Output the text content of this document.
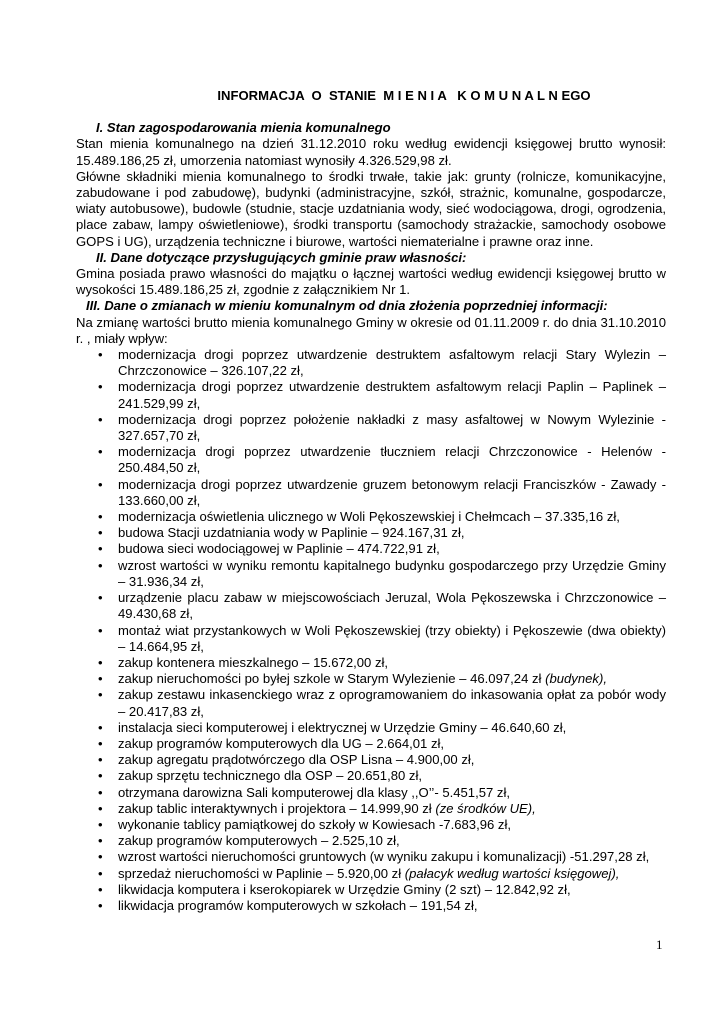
INFORMACJA  O  STANIE  M I E N I A   K O M U N A L N EGO

I. Stan zagospodarowania mienia komunalnego

Stan mienia komunalnego na dzień 31.12.2010 roku według ewidencji księgowej brutto wynosił: 15.489.186,25 zł, umorzenia natomiast wynosiły 4.326.529,98 zł.

Główne składniki mienia komunalnego to środki trwałe, takie jak: grunty (rolnicze, komunikacyjne, zabudowane i pod zabudowę), budynki (administracyjne, szkół, strażnic, komunalne, gospodarcze, wiaty autobusowe), budowle (studnie, stacje uzdatniania wody, sieć wodociągowa, drogi, ogrodzenia, place zabaw, lampy oświetleniowe), środki transportu (samochody strażackie, samochody osobowe GOPS i UG), urządzenia techniczne i biurowe, wartości niematerialne i prawne oraz inne.

II. Dane dotyczące przysługujących gminie praw własności:

Gmina posiada prawo własności do majątku o łącznej wartości według ewidencji księgowej brutto w wysokości 15.489.186,25 zł, zgodnie z załącznikiem Nr 1.

III. Dane o zmianach w mieniu komunalnym od dnia złożenia poprzedniej informacji:

Na zmianę wartości brutto mienia komunalnego Gminy w okresie od 01.11.2009 r. do dnia 31.10.2010 r. , miały wpływ:

• modernizacja drogi poprzez utwardzenie destruktem asfaltowym relacji Stary Wylezin – Chrzczonowice – 326.107,22 zł,
• modernizacja drogi poprzez utwardzenie destruktem asfaltowym relacji Paplin – Paplinek – 241.529,99 zł,
• modernizacja drogi poprzez położenie nakładki z masy asfaltowej w Nowym Wylezinie - 327.657,70 zł,
• modernizacja drogi poprzez utwardzenie tłuczniem relacji Chrzczonowice - Helenów - 250.484,50 zł,
• modernizacja drogi poprzez utwardzenie gruzem betonowym relacji Franciszków - Zawady - 133.660,00 zł,
• modernizacja oświetlenia ulicznego w Woli Pękoszewskiej i Chełmcach – 37.335,16 zł,
• budowa Stacji uzdatniania wody w Paplinie – 924.167,31 zł,
• budowa sieci wodociągowej w Paplinie – 474.722,91 zł,
• wzrost wartości w wyniku remontu kapitalnego budynku gospodarczego przy Urzędzie Gminy – 31.936,34 zł,
• urządzenie placu zabaw w miejscowościach Jeruzal, Wola Pękoszewska i Chrzczonowice – 49.430,68 zł,
• montaż wiat przystankowych w Woli Pękoszewskiej (trzy obiekty) i Pękoszewie (dwa obiekty) – 14.664,95 zł,
• zakup kontenera mieszkalnego – 15.672,00 zł,
• zakup nieruchomości po byłej szkole w Starym Wylezienie – 46.097,24 zł (budynek),
• zakup zestawu inkasenckiego wraz z oprogramowaniem do inkasowania opłat za pobór wody – 20.417,83 zł,
• instalacja sieci komputerowej i elektrycznej w Urzędzie Gminy – 46.640,60 zł,
• zakup programów komputerowych dla UG – 2.664,01 zł,
• zakup agregatu prądotwórczego dla OSP Lisna – 4.900,00 zł,
• zakup sprzętu technicznego dla OSP – 20.651,80 zł,
• otrzymana darowizna Sali komputerowej dla klasy ,,O’’- 5.451,57 zł,
• zakup tablic interaktywnych i projektora – 14.999,90 zł (ze środków UE),
• wykonanie tablicy pamiątkowej do szkoły w Kowiesach -7.683,96 zł,
• zakup programów komputerowych – 2.525,10 zł,
• wzrost wartości nieruchomości gruntowych (w wyniku zakupu i komunalizacji) -51.297,28 zł,
• sprzedaż nieruchomości w Paplinie – 5.920,00 zł (pałacyk według wartości księgowej),
• likwidacja komputera i kserokopiarek w Urzędzie Gminy (2 szt) – 12.842,92 zł,
• likwidacja programów komputerowych w szkołach – 191,54 zł,
1
